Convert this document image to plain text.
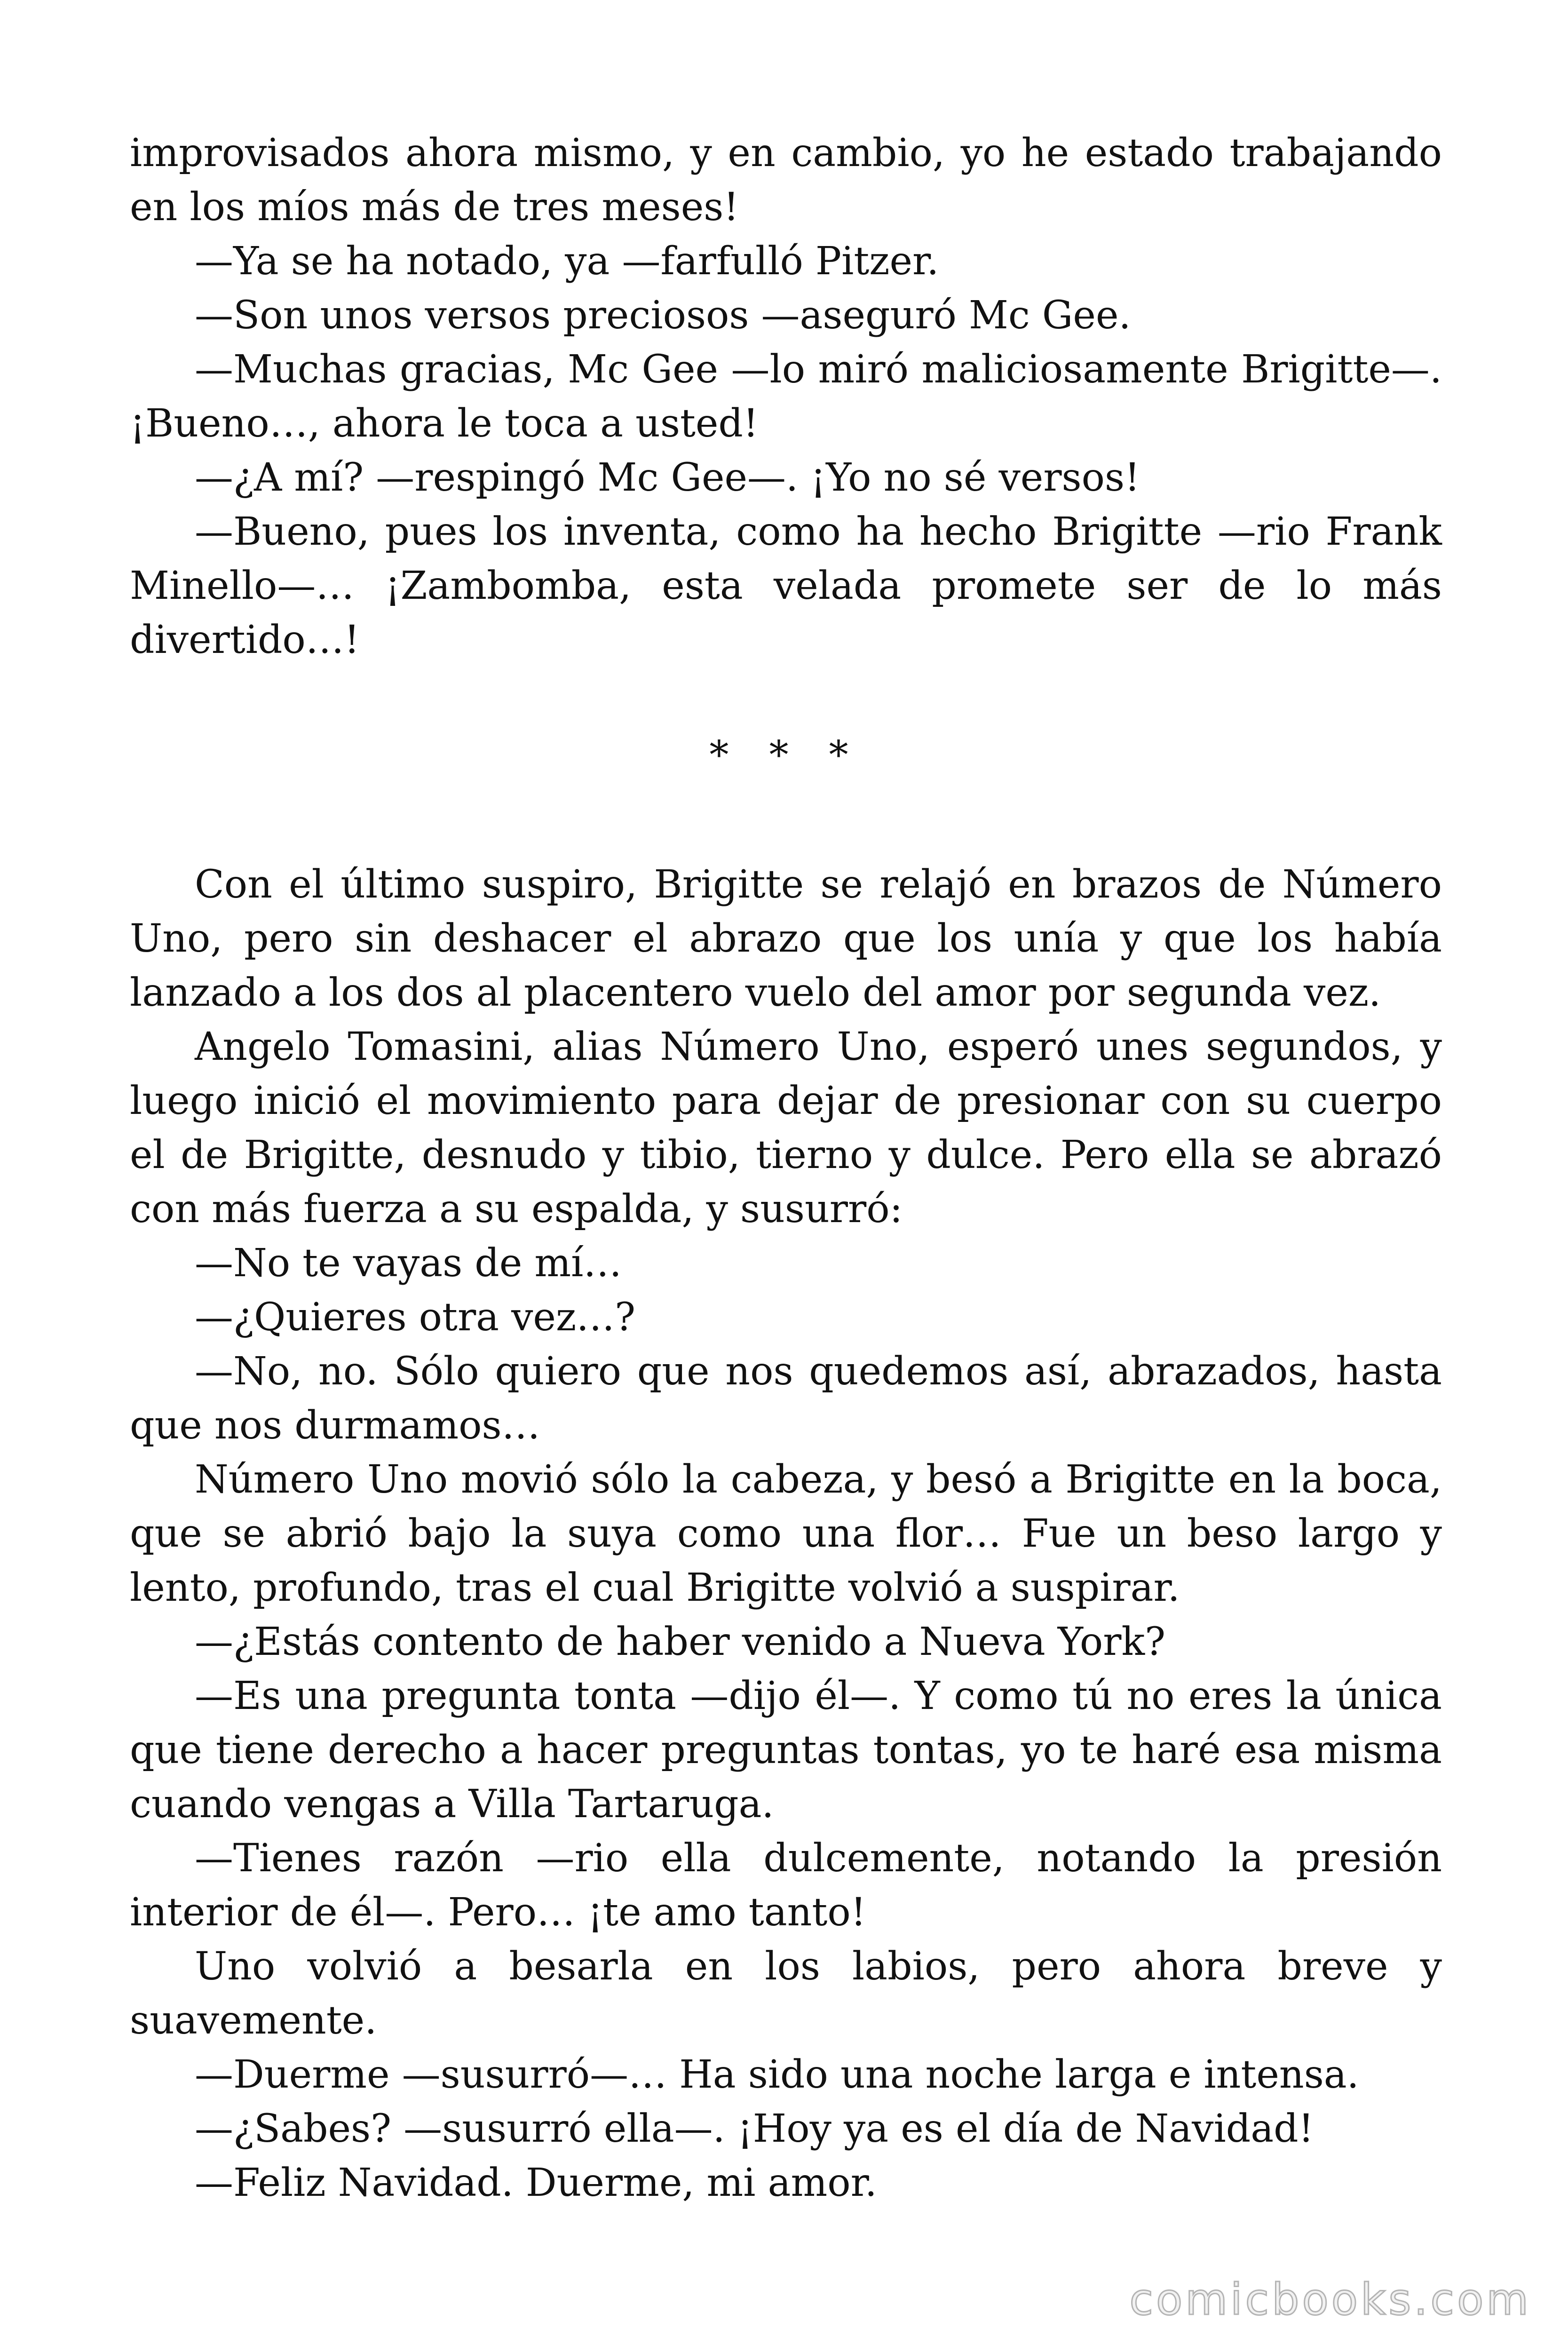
improvisados ahora mismo, y en cambio, yo he estado trabajando en los míos más de tres meses!

—Ya se ha notado, ya —farfulló Pitzer.

—Son unos versos preciosos —aseguró Mc Gee.

—Muchas gracias, Mc Gee —lo miró maliciosamente Brigitte—. ¡Bueno…, ahora le toca a usted!

—¿A mí? —respingó Mc Gee—. ¡Yo no sé versos!

—Bueno, pues los inventa, como ha hecho Brigitte —rio Frank Minello—… ¡Zambomba, esta velada promete ser de lo más divertido…!

* * *

Con el último suspiro, Brigitte se relajó en brazos de Número Uno, pero sin deshacer el abrazo que los unía y que los había lanzado a los dos al placentero vuelo del amor por segunda vez.

Angelo Tomasini, alias Número Uno, esperó unes segundos, y luego inició el movimiento para dejar de presionar con su cuerpo el de Brigitte, desnudo y tibio, tierno y dulce. Pero ella se abrazó con más fuerza a su espalda, y susurró:

—No te vayas de mí…

—¿Quieres otra vez…?

—No, no. Sólo quiero que nos quedemos así, abrazados, hasta que nos durmamos…

Número Uno movió sólo la cabeza, y besó a Brigitte en la boca, que se abrió bajo la suya como una flor… Fue un beso largo y lento, profundo, tras el cual Brigitte volvió a suspirar.

—¿Estás contento de haber venido a Nueva York?

—Es una pregunta tonta —dijo él—. Y como tú no eres la única que tiene derecho a hacer preguntas tontas, yo te haré esa misma cuando vengas a Villa Tartaruga.

—Tienes razón —rio ella dulcemente, notando la presión interior de él—. Pero… ¡te amo tanto!

Uno volvió a besarla en los labios, pero ahora breve y suavemente.

—Duerme —susurró—… Ha sido una noche larga e intensa.

—¿Sabes? —susurró ella—. ¡Hoy ya es el día de Navidad!

—Feliz Navidad. Duerme, mi amor.

comicbooks.com
